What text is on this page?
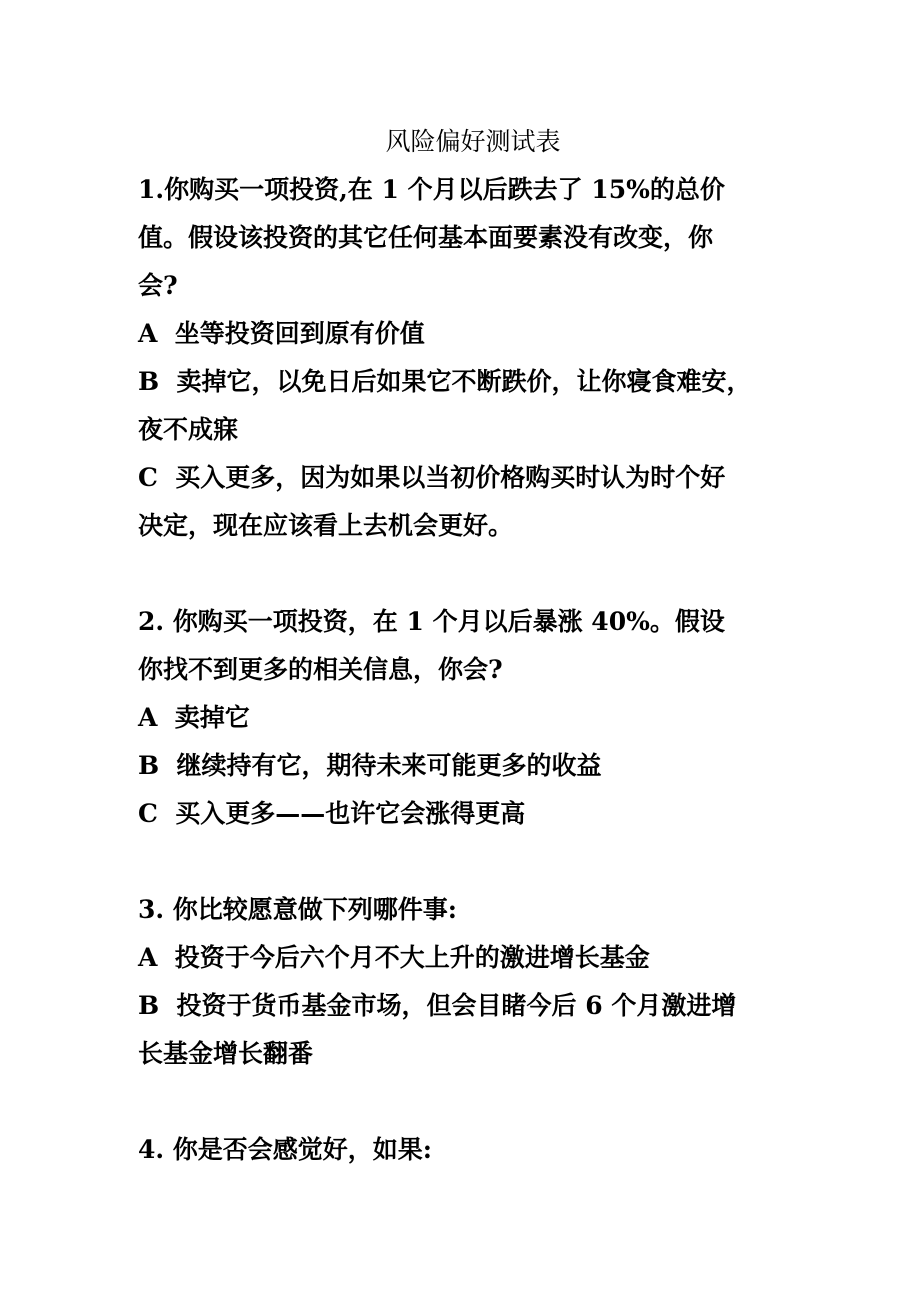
风险偏好测试表

1.你购买一项投资,在 1 个月以后跌去了 15%的总价

值。假设该投资的其它任何基本面要素没有改变，你

会?

A  坐等投资回到原有价值

B  卖掉它，以免日后如果它不断跌价，让你寝食难安，

夜不成寐

C  买入更多，因为如果以当初价格购买时认为时个好

决定，现在应该看上去机会更好。

2. 你购买一项投资，在 1 个月以后暴涨 40%。假设

你找不到更多的相关信息，你会?

A  卖掉它

B  继续持有它，期待未来可能更多的收益

C  买入更多——也许它会涨得更高

3. 你比较愿意做下列哪件事:

A  投资于今后六个月不大上升的激进增长基金

B  投资于货币基金市场，但会目睹今后 6 个月激进增

长基金增长翻番

4. 你是否会感觉好，如果:
